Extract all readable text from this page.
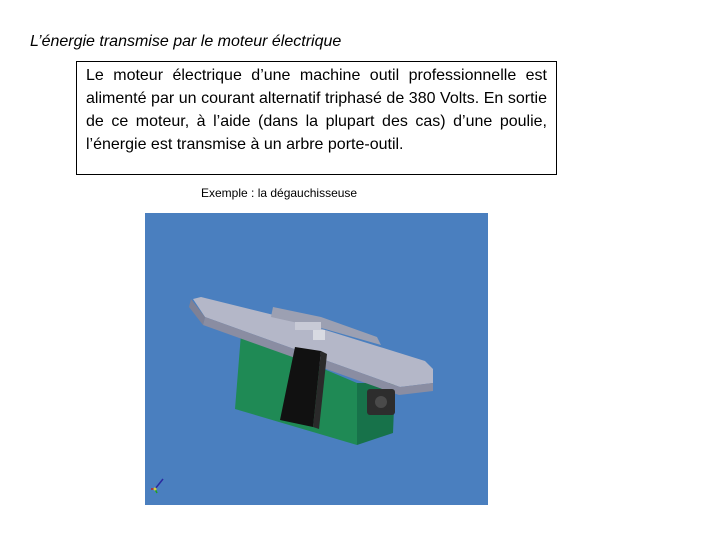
L’énergie transmise par le moteur électrique

Le moteur électrique d’une machine outil professionnelle est alimenté par un courant alternatif triphasé de 380 Volts. En sortie de ce moteur, à l’aide (dans la plupart des cas) d’une poulie, l’énergie est transmise à un arbre porte-outil.

Exemple : la dégauchisseuse
